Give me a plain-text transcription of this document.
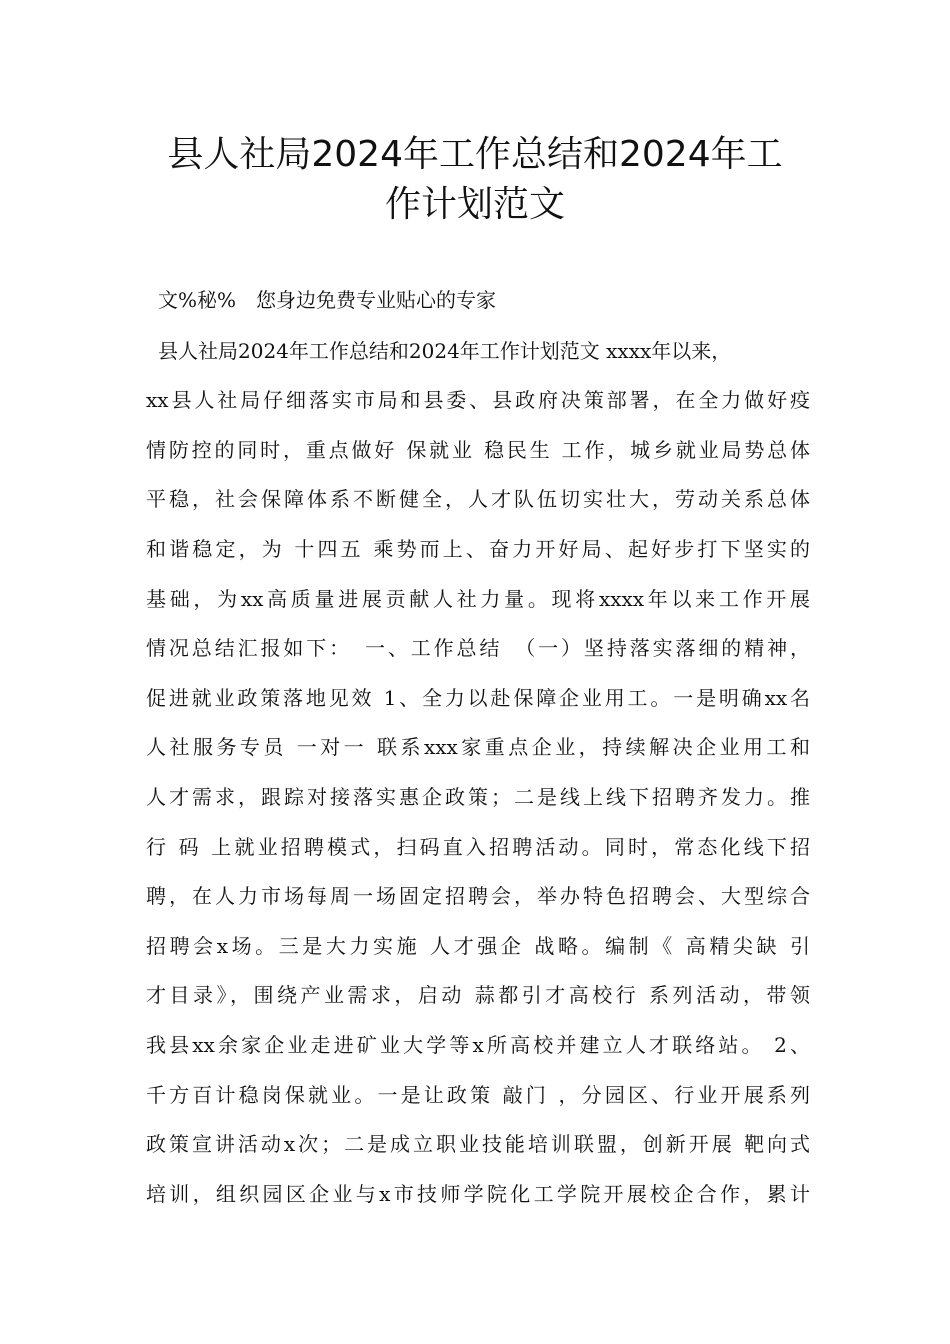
县人社局2024年工作总结和2024年工
作计划范文
文%秘%　您身边免费专业贴心的专家
县人社局2024年工作总结和2024年工作计划范文 xxxx年以来，
xx县人社局仔细落实市局和县委、县政府决策部署，在全力做好疫
情防控的同时，重点做好 保就业 稳民生 工作，城乡就业局势总体
平稳，社会保障体系不断健全，人才队伍切实壮大，劳动关系总体
和谐稳定，为 十四五 乘势而上、奋力开好局、起好步打下坚实的
基础，为xx高质量进展贡献人社力量。现将xxxx年以来工作开展
情况总结汇报如下：　一、工作总结　（一）坚持落实落细的精神，
促进就业政策落地见效 1、全力以赴保障企业用工。一是明确xx名
人社服务专员 一对一 联系xxx家重点企业，持续解决企业用工和
人才需求，跟踪对接落实惠企政策；二是线上线下招聘齐发力。推
行 码 上就业招聘模式，扫码直入招聘活动。同时，常态化线下招
聘，在人力市场每周一场固定招聘会，举办特色招聘会、大型综合
招聘会x场。三是大力实施 人才强企 战略。编制《 高精尖缺 引
才目录》，围绕产业需求，启动 蒜都引才高校行 系列活动，带领
我县xx余家企业走进矿业大学等x所高校并建立人才联络站。 2、
千方百计稳岗保就业。一是让政策 敲门 ，分园区、行业开展系列
政策宣讲活动x次；二是成立职业技能培训联盟，创新开展 靶向式
培训，组织园区企业与x市技师学院化工学院开展校企合作，累计
